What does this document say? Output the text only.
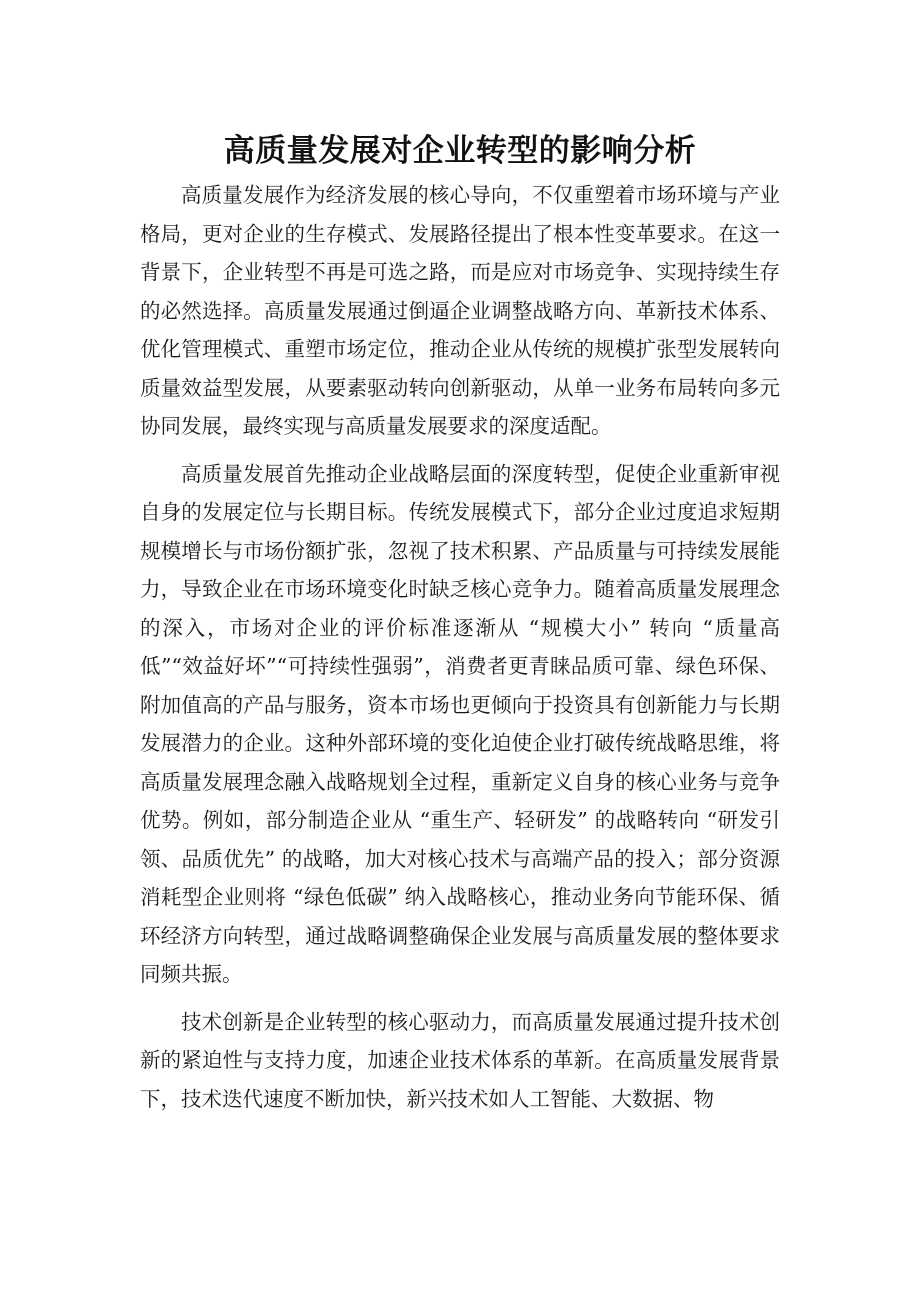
高质量发展对企业转型的影响分析

高质量发展作为经济发展的核心导向，不仅重塑着市场环境与产业格局，更对企业的生存模式、发展路径提出了根本性变革要求。在这一背景下，企业转型不再是可选之路，而是应对市场竞争、实现持续生存的必然选择。高质量发展通过倒逼企业调整战略方向、革新技术体系、优化管理模式、重塑市场定位，推动企业从传统的规模扩张型发展转向质量效益型发展，从要素驱动转向创新驱动，从单一业务布局转向多元协同发展，最终实现与高质量发展要求的深度适配。

高质量发展首先推动企业战略层面的深度转型，促使企业重新审视自身的发展定位与长期目标。传统发展模式下，部分企业过度追求短期规模增长与市场份额扩张，忽视了技术积累、产品质量与可持续发展能力，导致企业在市场环境变化时缺乏核心竞争力。随着高质量发展理念的深入，市场对企业的评价标准逐渐从 “规模大小” 转向 “质量高低”“效益好坏”“可持续性强弱”，消费者更青睐品质可靠、绿色环保、附加值高的产品与服务，资本市场也更倾向于投资具有创新能力与长期发展潜力的企业。这种外部环境的变化迫使企业打破传统战略思维，将高质量发展理念融入战略规划全过程，重新定义自身的核心业务与竞争优势。例如，部分制造企业从 “重生产、轻研发” 的战略转向 “研发引领、品质优先” 的战略，加大对核心技术与高端产品的投入；部分资源消耗型企业则将 “绿色低碳” 纳入战略核心，推动业务向节能环保、循环经济方向转型，通过战略调整确保企业发展与高质量发展的整体要求同频共振。

技术创新是企业转型的核心驱动力，而高质量发展通过提升技术创新的紧迫性与支持力度，加速企业技术体系的革新。在高质量发展背景下，技术迭代速度不断加快，新兴技术如人工智能、大数据、物
